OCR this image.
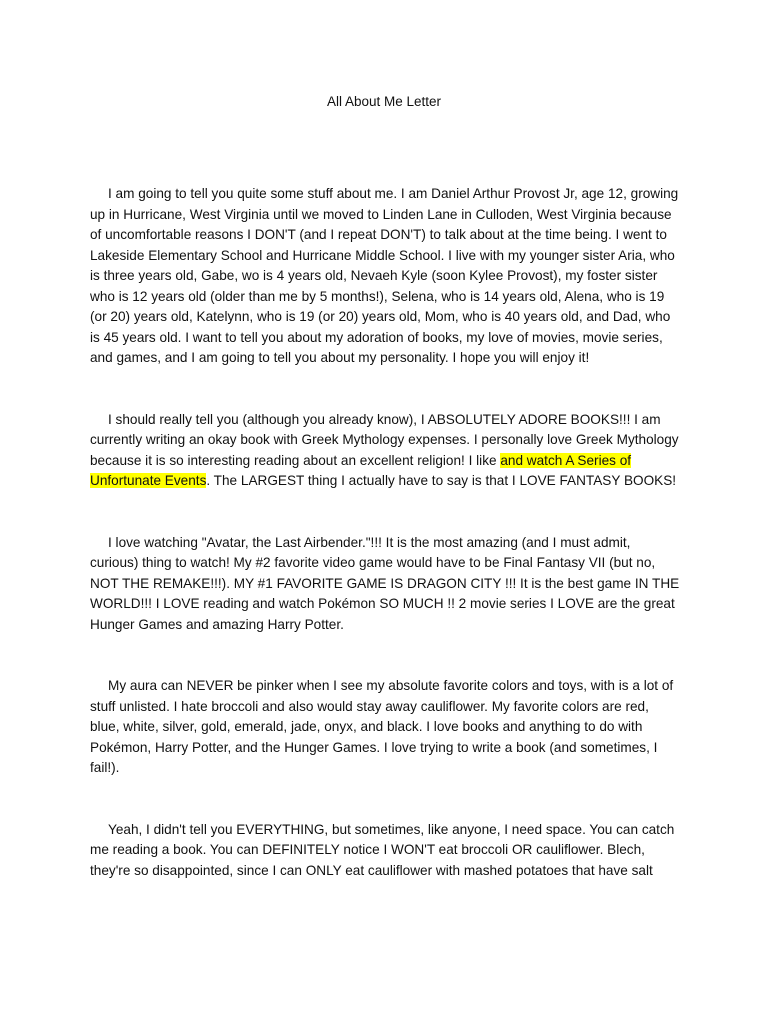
All About Me Letter

I am going to tell you quite some stuff about me. I am Daniel Arthur Provost Jr, age 12, growing up in Hurricane, West Virginia until we moved to Linden Lane in Culloden, West Virginia because of uncomfortable reasons I DON'T (and I repeat DON'T) to talk about at the time being. I went to Lakeside Elementary School and Hurricane Middle School. I live with my younger sister Aria, who is three years old, Gabe, wo is 4 years old, Nevaeh Kyle (soon Kylee Provost), my foster sister who is 12 years old (older than me by 5 months!), Selena, who is 14 years old, Alena, who is 19 (or 20) years old, Katelynn, who is 19 (or 20) years old, Mom, who is 40 years old, and Dad, who is 45 years old. I want to tell you about my adoration of books, my love of movies, movie series, and games, and I am going to tell you about my personality. I hope you will enjoy it!

I should really tell you (although you already know), I ABSOLUTELY ADORE BOOKS!!! I am currently writing an okay book with Greek Mythology expenses. I personally love Greek Mythology because it is so interesting reading about an excellent religion! I like and watch A Series of Unfortunate Events. The LARGEST thing I actually have to say is that I LOVE FANTASY BOOKS!

I love watching "Avatar, the Last Airbender."!!! It is the most amazing (and I must admit, curious) thing to watch! My #2 favorite video game would have to be Final Fantasy VII (but no, NOT THE REMAKE!!!). MY #1 FAVORITE GAME IS DRAGON CITY !!! It is the best game IN THE WORLD!!! I LOVE reading and watch Pokémon SO MUCH !! 2 movie series I LOVE are the great Hunger Games and amazing Harry Potter.

My aura can NEVER be pinker when I see my absolute favorite colors and toys, with is a lot of stuff unlisted. I hate broccoli and also would stay away cauliflower. My favorite colors are red, blue, white, silver, gold, emerald, jade, onyx, and black. I love books and anything to do with Pokémon, Harry Potter, and the Hunger Games. I love trying to write a book (and sometimes, I fail!).

Yeah, I didn't tell you EVERYTHING, but sometimes, like anyone, I need space. You can catch me reading a book. You can DEFINITELY notice I WON'T eat broccoli OR cauliflower. Blech, they're so disappointed, since I can ONLY eat cauliflower with mashed potatoes that have salt
